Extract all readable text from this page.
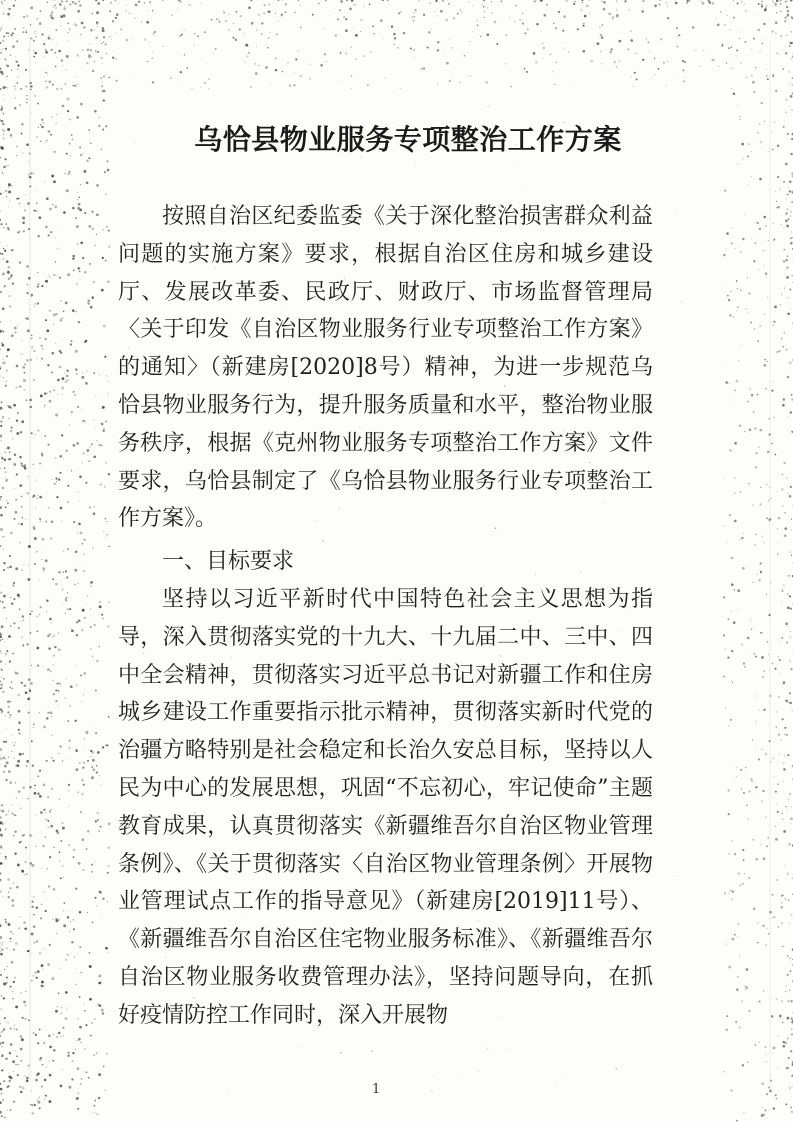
乌恰县物业服务专项整治工作方案

按照自治区纪委监委《关于深化整治损害群众利益问题的实施方案》要求，根据自治区住房和城乡建设厅、发展改革委、民政厅、财政厅、市场监督管理局〈关于印发《自治区物业服务行业专项整治工作方案》的通知〉（新建房[2020]8号）精神，为进一步规范乌恰县物业服务行为，提升服务质量和水平，整治物业服务秩序，根据《克州物业服务专项整治工作方案》文件要求，乌恰县制定了《乌恰县物业服务行业专项整治工作方案》。

一、目标要求

坚持以习近平新时代中国特色社会主义思想为指导，深入贯彻落实党的十九大、十九届二中、三中、四中全会精神，贯彻落实习近平总书记对新疆工作和住房城乡建设工作重要指示批示精神，贯彻落实新时代党的治疆方略特别是社会稳定和长治久安总目标，坚持以人民为中心的发展思想，巩固“不忘初心，牢记使命”主题教育成果，认真贯彻落实《新疆维吾尔自治区物业管理条例》、《关于贯彻落实〈自治区物业管理条例〉开展物业管理试点工作的指导意见》（新建房[2019]11号）、《新疆维吾尔自治区住宅物业服务标准》、《新疆维吾尔自治区物业服务收费管理办法》，坚持问题导向，在抓好疫情防控工作同时，深入开展物

1
